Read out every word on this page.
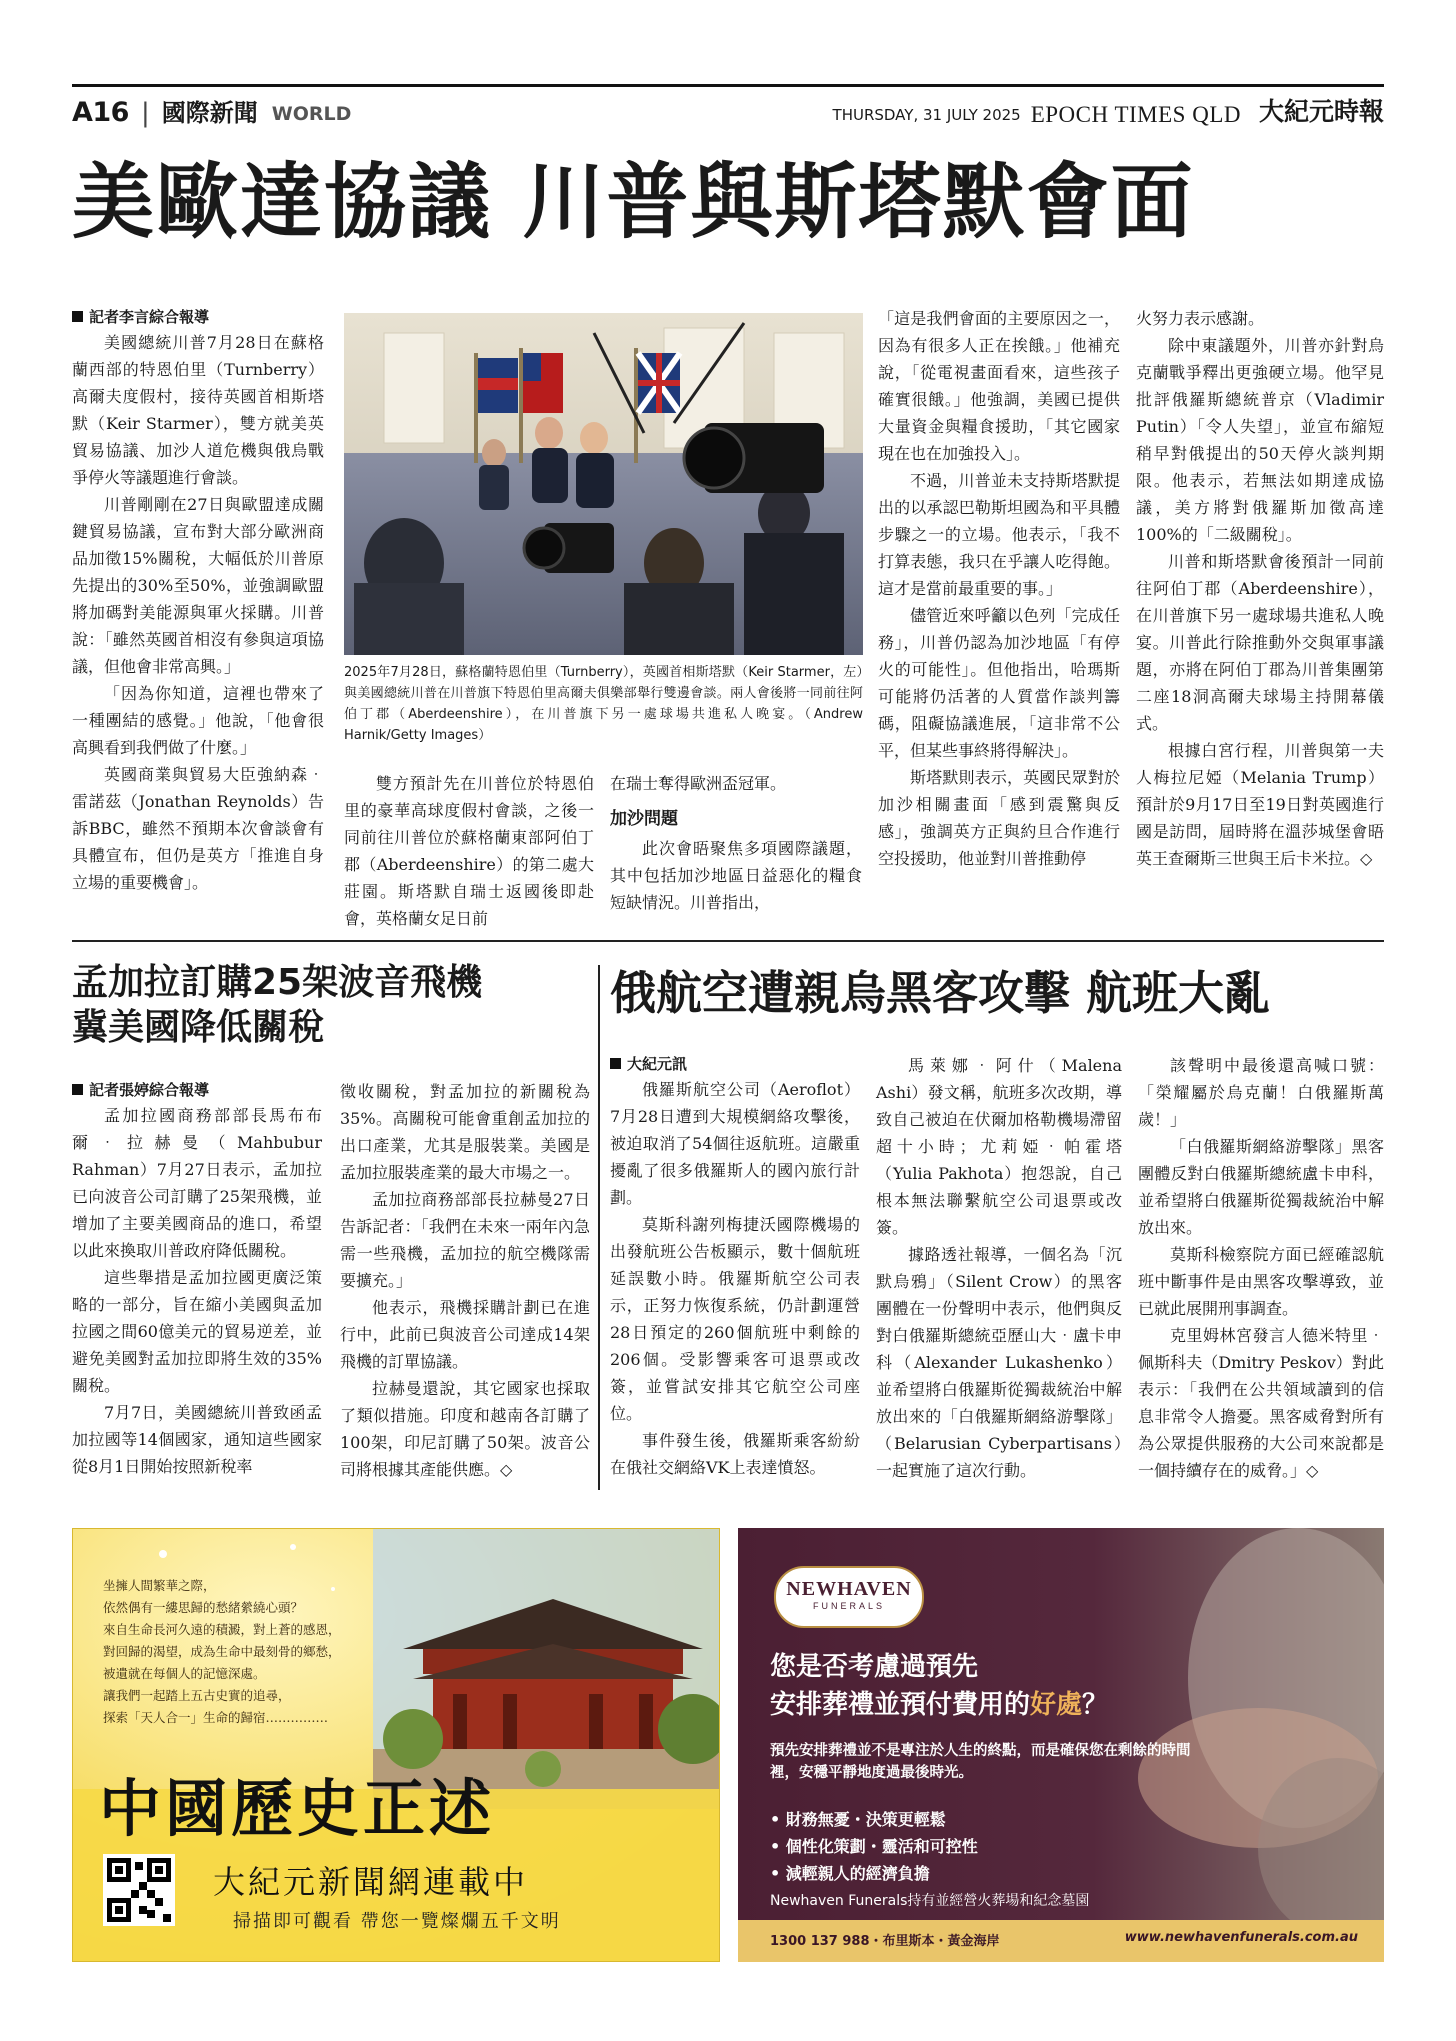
A16 | 國際新聞 WORLD	THURSDAY, 31 JULY 2025 EPOCH TIMES QLD 大紀元時報
美歐達協議 川普與斯塔默會面
記者李言綜合報導

美國總統川普7月28日在蘇格蘭西部的特恩伯里（Turnberry）高爾夫度假村，接待英國首相斯塔默（Keir Starmer），雙方就美英貿易協議、加沙人道危機與俄烏戰爭停火等議題進行會談。

川普剛剛在27日與歐盟達成關鍵貿易協議，宣布對大部分歐洲商品加徵15%關稅，大幅低於川普原先提出的30%至50%，並強調歐盟將加碼對美能源與軍火採購。川普說：「雖然英國首相沒有參與這項協議，但他會非常高興。」

「因為你知道，這裡也帶來了一種團結的感覺。」他說，「他會很高興看到我們做了什麼。」

英國商業與貿易大臣強納森‧雷諾茲（Jonathan Reynolds）告訴BBC，雖然不預期本次會談會有具體宣布，但仍是英方「推進自身立場的重要機會」。

2025年7月28日，蘇格蘭特恩伯里（Turnberry），英國首相斯塔默（Keir Starmer，左）與美國總統川普在川普旗下特恩伯里高爾夫俱樂部舉行雙邊會談。兩人會後將一同前往阿伯丁郡（Aberdeenshire），在川普旗下另一處球場共進私人晚宴。（Andrew Harnik/Getty Images）

雙方預計先在川普位於特恩伯里的豪華高球度假村會談，之後一同前往川普位於蘇格蘭東部阿伯丁郡（Aberdeenshire）的第二處大莊園。斯塔默自瑞士返國後即赴會，英格蘭女足日前

在瑞士奪得歐洲盃冠軍。

加沙問題

此次會晤聚焦多項國際議題，其中包括加沙地區日益惡化的糧食短缺情況。川普指出，

「這是我們會面的主要原因之一，因為有很多人正在挨餓。」他補充說，「從電視畫面看來，這些孩子確實很餓。」他強調，美國已提供大量資金與糧食援助，「其它國家現在也在加強投入」。

不過，川普並未支持斯塔默提出的以承認巴勒斯坦國為和平具體步驟之一的立場。他表示，「我不打算表態，我只在乎讓人吃得飽。這才是當前最重要的事。」

儘管近來呼籲以色列「完成任務」，川普仍認為加沙地區「有停火的可能性」。但他指出，哈瑪斯可能將仍活著的人質當作談判籌碼，阻礙協議進展，「這非常不公平，但某些事終將得解決」。

斯塔默則表示，英國民眾對於加沙相關畫面「感到震驚與反感」，強調英方正與約旦合作進行空投援助，他並對川普推動停

火努力表示感謝。

除中東議題外，川普亦針對烏克蘭戰爭釋出更強硬立場。他罕見批評俄羅斯總統普京（Vladimir Putin）「令人失望」，並宣布縮短稍早對俄提出的50天停火談判期限。他表示，若無法如期達成協議，美方將對俄羅斯加徵高達100%的「二級關稅」。

川普和斯塔默會後預計一同前往阿伯丁郡（Aberdeenshire），在川普旗下另一處球場共進私人晚宴。川普此行除推動外交與軍事議題，亦將在阿伯丁郡為川普集團第二座18洞高爾夫球場主持開幕儀式。

根據白宮行程，川普與第一夫人梅拉尼婭（Melania Trump）預計於9月17日至19日對英國進行國是訪問，屆時將在溫莎城堡會晤英王查爾斯三世與王后卡米拉。◇

孟加拉訂購25架波音飛機
冀美國降低關稅
記者張婷綜合報導

孟加拉國商務部部長馬布布爾‧拉赫曼（Mahbubur Rahman）7月27日表示，孟加拉已向波音公司訂購了25架飛機，並增加了主要美國商品的進口，希望以此來換取川普政府降低關稅。

這些舉措是孟加拉國更廣泛策略的一部分，旨在縮小美國與孟加拉國之間60億美元的貿易逆差，並避免美國對孟加拉即將生效的35%關稅。

7月7日，美國總統川普致函孟加拉國等14個國家，通知這些國家從8月1日開始按照新稅率

徵收關稅，對孟加拉的新關稅為35%。高關稅可能會重創孟加拉的出口產業，尤其是服裝業。美國是孟加拉服裝產業的最大市場之一。

孟加拉商務部部長拉赫曼27日告訴記者：「我們在未來一兩年內急需一些飛機，孟加拉的航空機隊需要擴充。」

他表示，飛機採購計劃已在進行中，此前已與波音公司達成14架飛機的訂單協議。

拉赫曼還說，其它國家也採取了類似措施。印度和越南各訂購了100架，印尼訂購了50架。波音公司將根據其產能供應。◇

俄航空遭親烏黑客攻擊 航班大亂
大紀元訊

俄羅斯航空公司（Aeroflot）7月28日遭到大規模網絡攻擊後，被迫取消了54個往返航班。這嚴重擾亂了很多俄羅斯人的國內旅行計劃。

莫斯科謝列梅捷沃國際機場的出發航班公告板顯示，數十個航班延誤數小時。俄羅斯航空公司表示，正努力恢復系統，仍計劃運營28日預定的260個航班中剩餘的206個。受影響乘客可退票或改簽，並嘗試安排其它航空公司座位。

事件發生後，俄羅斯乘客紛紛在俄社交網絡VK上表達憤怒。

馬萊娜‧阿什（Malena Ashi）發文稱，航班多次改期，導致自己被迫在伏爾加格勒機場滯留超十小時；尤莉婭‧帕霍塔（Yulia Pakhota）抱怨說，自己根本無法聯繫航空公司退票或改簽。

據路透社報導，一個名為「沉默烏鴉」（Silent Crow）的黑客團體在一份聲明中表示，他們與反對白俄羅斯總統亞歷山大‧盧卡申科（Alexander Lukashenko）並希望將白俄羅斯從獨裁統治中解放出來的「白俄羅斯網絡游擊隊」（Belarusian Cyberpartisans）一起實施了這次行動。

該聲明中最後還高喊口號：「榮耀屬於烏克蘭！白俄羅斯萬歲！」

「白俄羅斯網絡游擊隊」黑客團體反對白俄羅斯總統盧卡申科，並希望將白俄羅斯從獨裁統治中解放出來。

莫斯科檢察院方面已經確認航班中斷事件是由黑客攻擊導致，並已就此展開刑事調查。

克里姆林宮發言人德米特里‧佩斯科夫（Dmitry Peskov）對此表示：「我們在公共領域讀到的信息非常令人擔憂。黑客威脅對所有為公眾提供服務的大公司來說都是一個持續存在的威脅。」◇

坐擁人間繁華之際，
依然偶有一縷思歸的愁緒縈繞心頭？
來自生命長河久遠的積澱，對上蒼的感恩，
對回歸的渴望，成為生命中最刻骨的鄉愁，
被遺就在每個人的記憶深處。
讓我們一起踏上五古史實的追尋，
探索「天人合一」生命的歸宿……………
中國歷史正述
大紀元新聞網連載中
掃描即可觀看 帶您一覽燦爛五千文明
NEWHAVEN
FUNERALS
您是否考慮過預先
安排葬禮並預付費用的好處？
預先安排葬禮並不是專注於人生的終點，而是確保您在剩餘的時間裡，安穩平靜地度過最後時光。
• 財務無憂・決策更輕鬆
• 個性化策劃・靈活和可控性
• 減輕親人的經濟負擔
Newhaven Funerals持有並經營火葬場和紀念墓園
1300 137 988・布里斯本・黃金海岸	www.newhavenfunerals.com.au
